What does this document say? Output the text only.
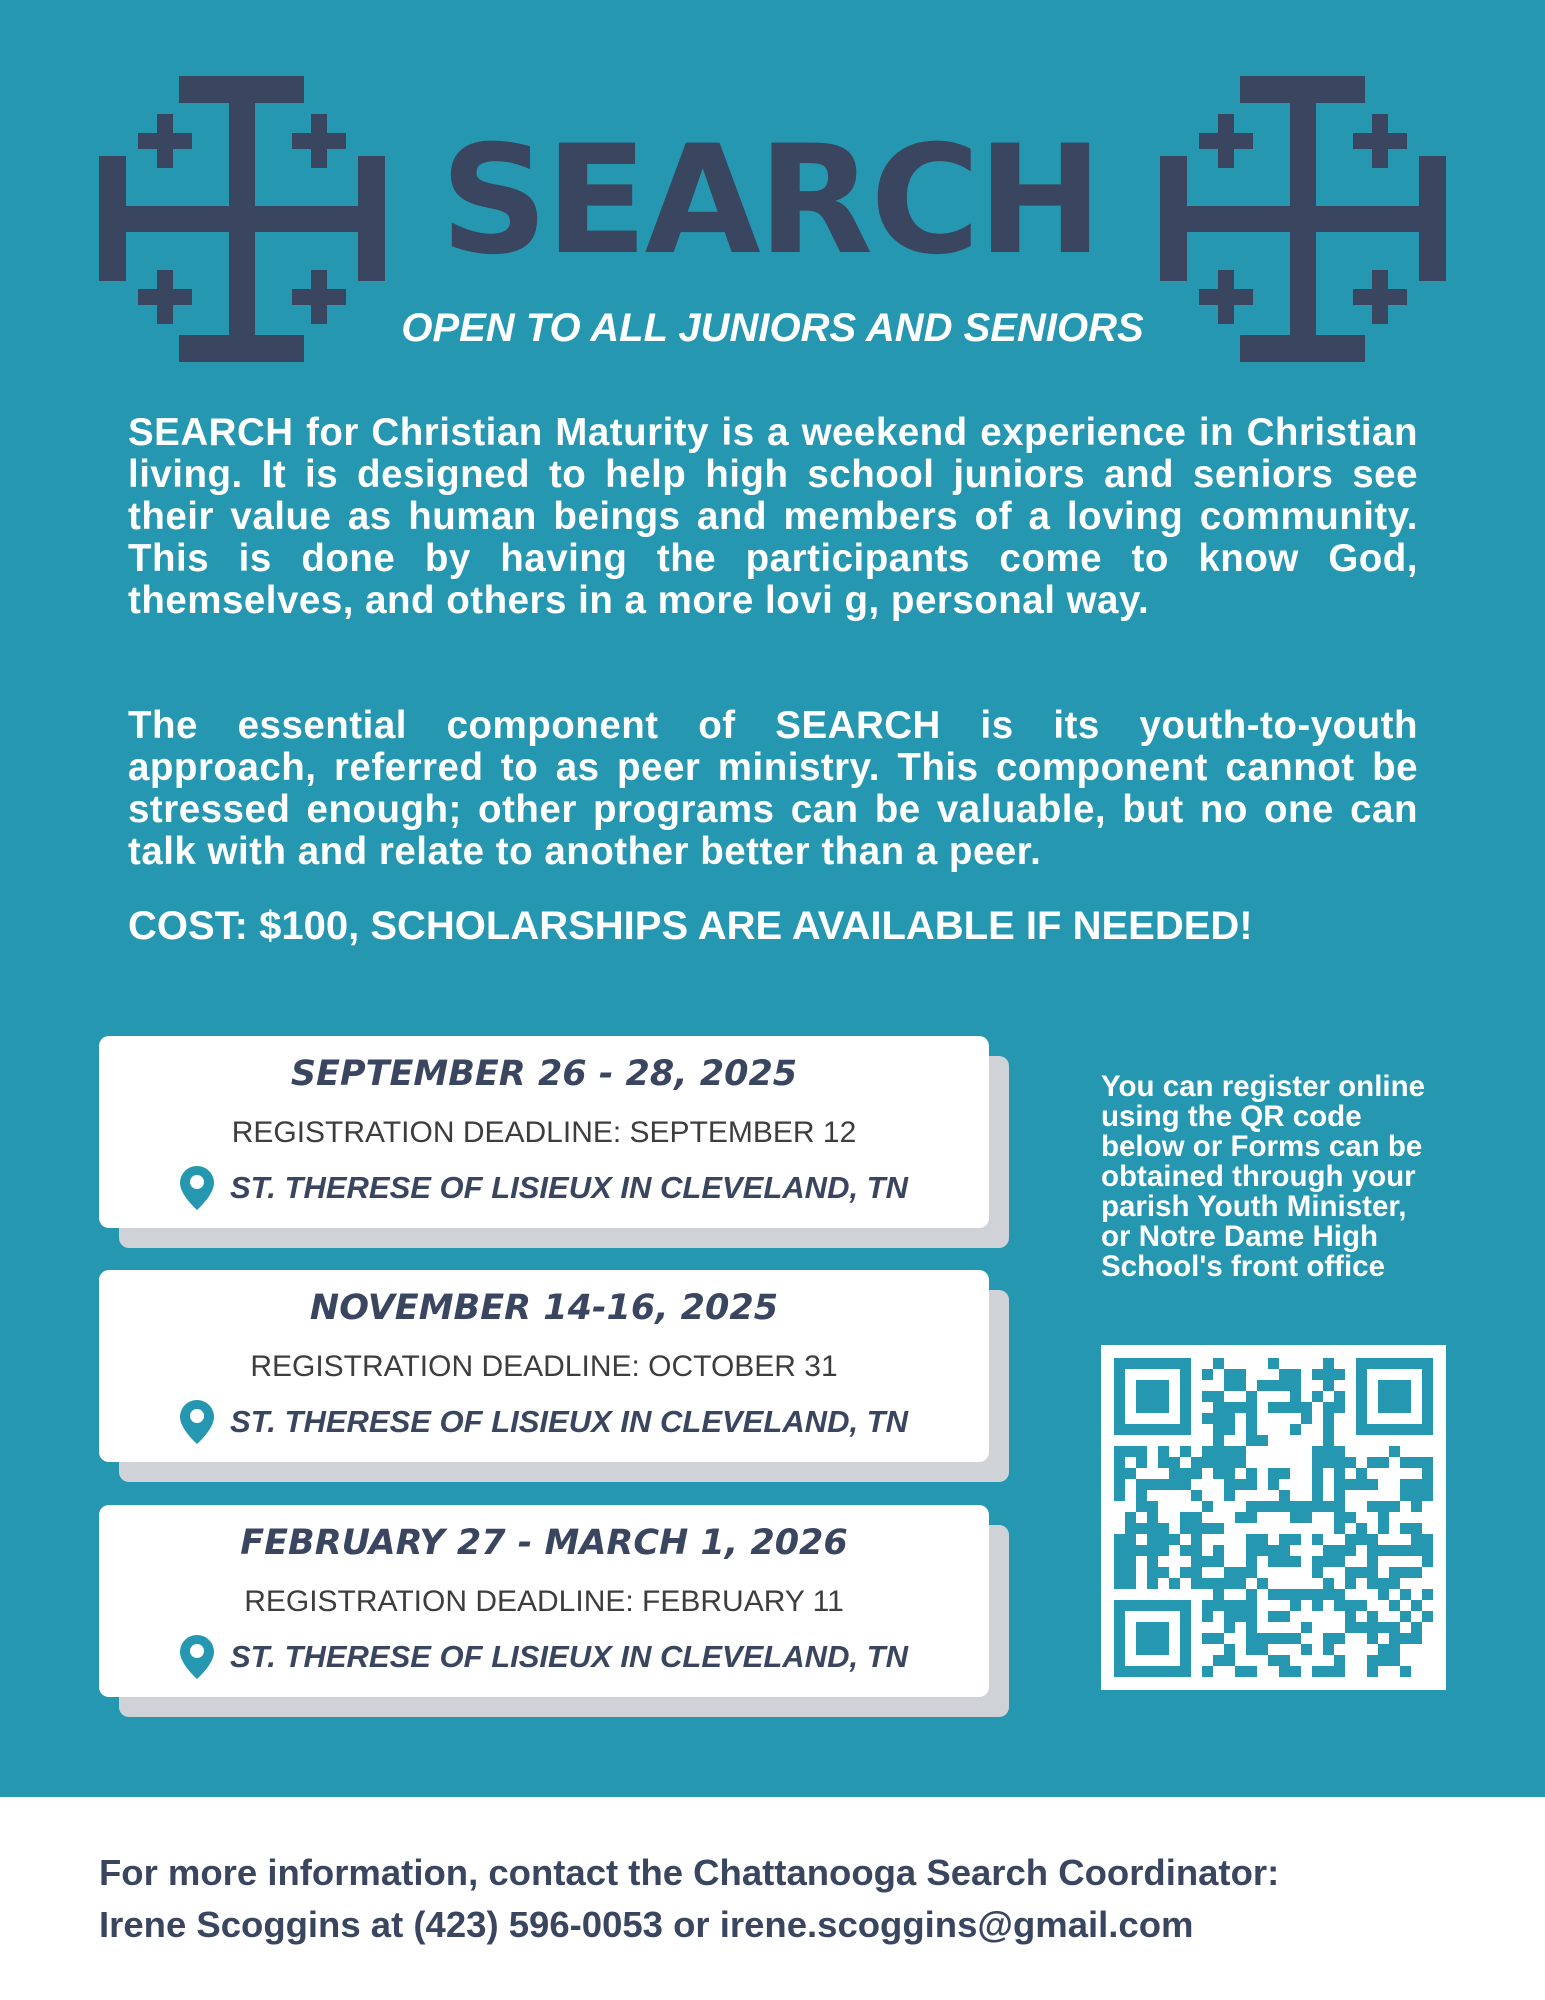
SEARCH
OPEN TO ALL JUNIORS AND SENIORS
SEARCH for Christian Maturity is a weekend experience in Christian living. It is designed to help high school juniors and seniors see their value as human beings and members of a loving community. This is done by having the participants come to know God, themselves, and others in a more lovi g, personal way.
The essential component of SEARCH is its youth-to-youth approach, referred to as peer ministry. This component cannot be stressed enough; other programs can be valuable, but no one can talk with and relate to another better than a peer.
COST: $100, SCHOLARSHIPS ARE AVAILABLE IF NEEDED!
SEPTEMBER 26 - 28, 2025
REGISTRATION DEADLINE: SEPTEMBER 12
ST. THERESE OF LISIEUX IN CLEVELAND, TN
NOVEMBER 14-16, 2025
REGISTRATION DEADLINE: OCTOBER 31
ST. THERESE OF LISIEUX IN CLEVELAND, TN
FEBRUARY 27 - MARCH 1, 2026
REGISTRATION DEADLINE: FEBRUARY 11
ST. THERESE OF LISIEUX IN CLEVELAND, TN
You can register online using the QR code below or Forms can be obtained through your parish Youth Minister, or Notre Dame High School's front office
For more information, contact the Chattanooga Search Coordinator:
Irene Scoggins at (423) 596-0053 or irene.scoggins@gmail.com
